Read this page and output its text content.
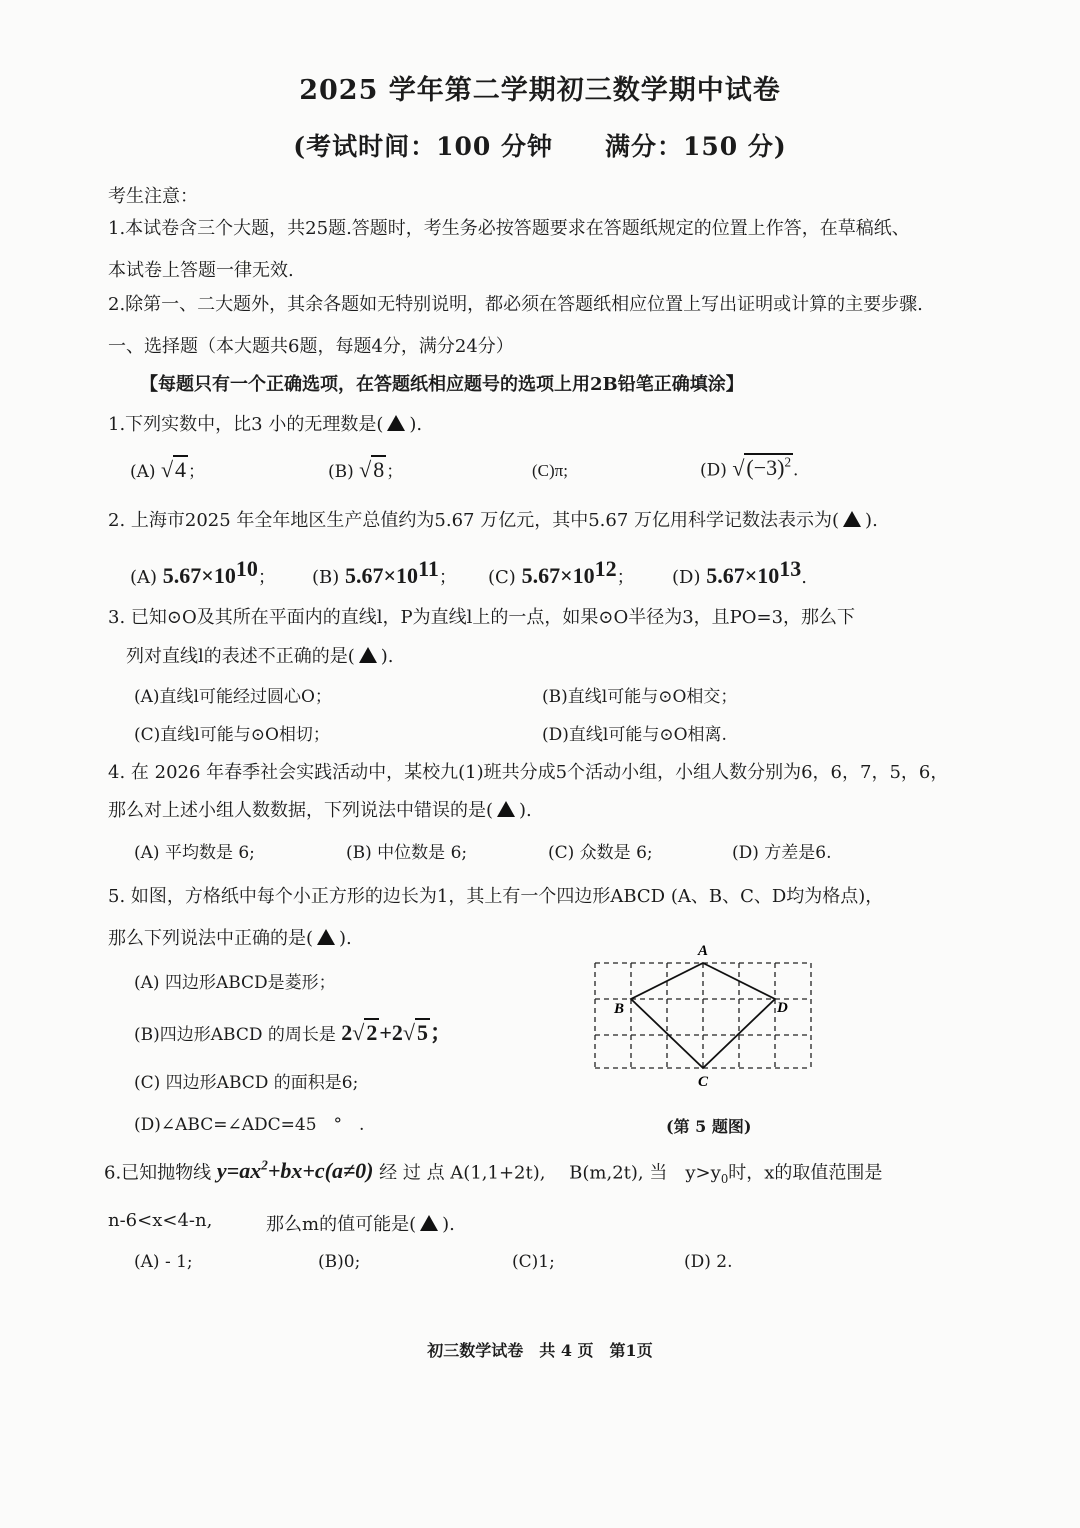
2025 学年第二学期初三数学期中试卷
(考试时间：100 分钟　　满分：150 分)
考生注意：
1.本试卷含三个大题，共25题.答题时，考生务必按答题要求在答题纸规定的位置上作答，在草稿纸、
本试卷上答题一律无效.
2.除第一、二大题外，其余各题如无特别说明，都必须在答题纸相应位置上写出证明或计算的主要步骤.
一、选择题（本大题共6题，每题4分，满分24分）
【每题只有一个正确选项，在答题纸相应题号的选项上用2B铅笔正确填涂】
1.下列实数中，比3 小的无理数是( ).
(A) √4 ；	(B) √8 ；	(C)π;	(D) $√(-3)^2$ .
2. 上海市2025 年全年地区生产总值约为5.67 万亿元，其中5.67 万亿用科学记数法表示为( ).
(A) $5.67\times 10^{10}$； (B) $5.67\times 10^{11}$； (C) $5.67\times 10^{12}$； (D) $5.67\times 10^{13}$.
3. 已知⊙O及其所在平面内的直线l，P为直线l上的一点，如果⊙O半径为3，且PO=3，那么下
列对直线l的表述不正确的是( ).
(A)直线l可能经过圆心O；	(B)直线l可能与⊙O相交；
(C)直线l可能与⊙O相切；	(D)直线l可能与⊙O相离.
4. 在 2026 年春季社会实践活动中，某校九(1)班共分成5个活动小组，小组人数分别为6，6，7，5，6，
那么对上述小组人数数据，下列说法中错误的是( ).
(A) 平均数是 6;	(B) 中位数是 6;	(C) 众数是 6;	(D) 方差是6.
5. 如图，方格纸中每个小正方形的边长为1，其上有一个四边形ABCD (A、B、C、D均为格点)，
那么下列说法中正确的是( ).
(A) 四边形ABCD是菱形；
(B)四边形ABCD 的周长是 2√2+2√5；
(C) 四边形ABCD 的面积是6;
(D)∠ABC=∠ADC=45　°　.
A
B
C
D
(第 5 题图)
6.已知抛物线 $y=ax^2+bx+c(a\ne 0)$ 经 过 点 A(1,1+2t),　 B(m,2t), 当　$y>y_0$时，x的取值范围是
n-6<x<4-n,	那么m的值可能是( ).
(A) - 1;	(B)0;	(C)1;	(D) 2.
初三数学试卷　共 4 页　第1页
